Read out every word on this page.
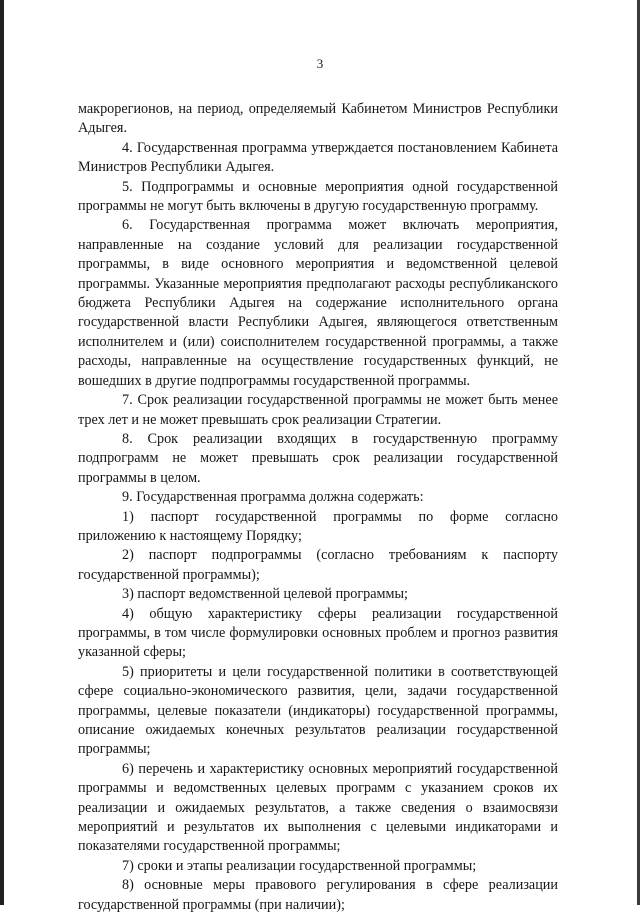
3

макрорегионов, на период, определяемый Кабинетом Министров Республики Адыгея.

4. Государственная программа утверждается постановлением Кабинета Министров Республики Адыгея.

5. Подпрограммы и основные мероприятия одной государственной программы не могут быть включены в другую государственную программу.

6. Государственная программа может включать мероприятия, направленные на создание условий для реализации государственной программы, в виде основного мероприятия и ведомственной целевой программы. Указанные мероприятия предполагают расходы республиканского бюджета Республики Адыгея на содержание исполнительного органа государственной власти Республики Адыгея, являющегося ответственным исполнителем и (или) соисполнителем государственной программы, а также расходы, направленные на осуществление государственных функций, не вошедших в другие подпрограммы государственной программы.

7. Срок реализации государственной программы не может быть менее трех лет и не может превышать срок реализации Стратегии.

8. Срок реализации входящих в государственную программу подпрограмм не может превышать срок реализации государственной программы в целом.

9. Государственная программа должна содержать:

1) паспорт государственной программы по форме согласно приложению к настоящему Порядку;

2) паспорт подпрограммы (согласно требованиям к паспорту государственной программы);

3) паспорт ведомственной целевой программы;

4) общую характеристику сферы реализации государственной программы, в том числе формулировки основных проблем и прогноз развития указанной сферы;

5) приоритеты и цели государственной политики в соответствующей сфере социально-экономического развития, цели, задачи государственной программы, целевые показатели (индикаторы) государственной программы, описание ожидаемых конечных результатов реализации государственной программы;

6) перечень и характеристику основных мероприятий государственной программы и ведомственных целевых программ с указанием сроков их реализации и ожидаемых результатов, а также сведения о взаимосвязи мероприятий и результатов их выполнения с целевыми индикаторами и показателями государственной программы;

7) сроки и этапы реализации государственной программы;

8) основные меры правового регулирования в сфере реализации государственной программы (при наличии);
